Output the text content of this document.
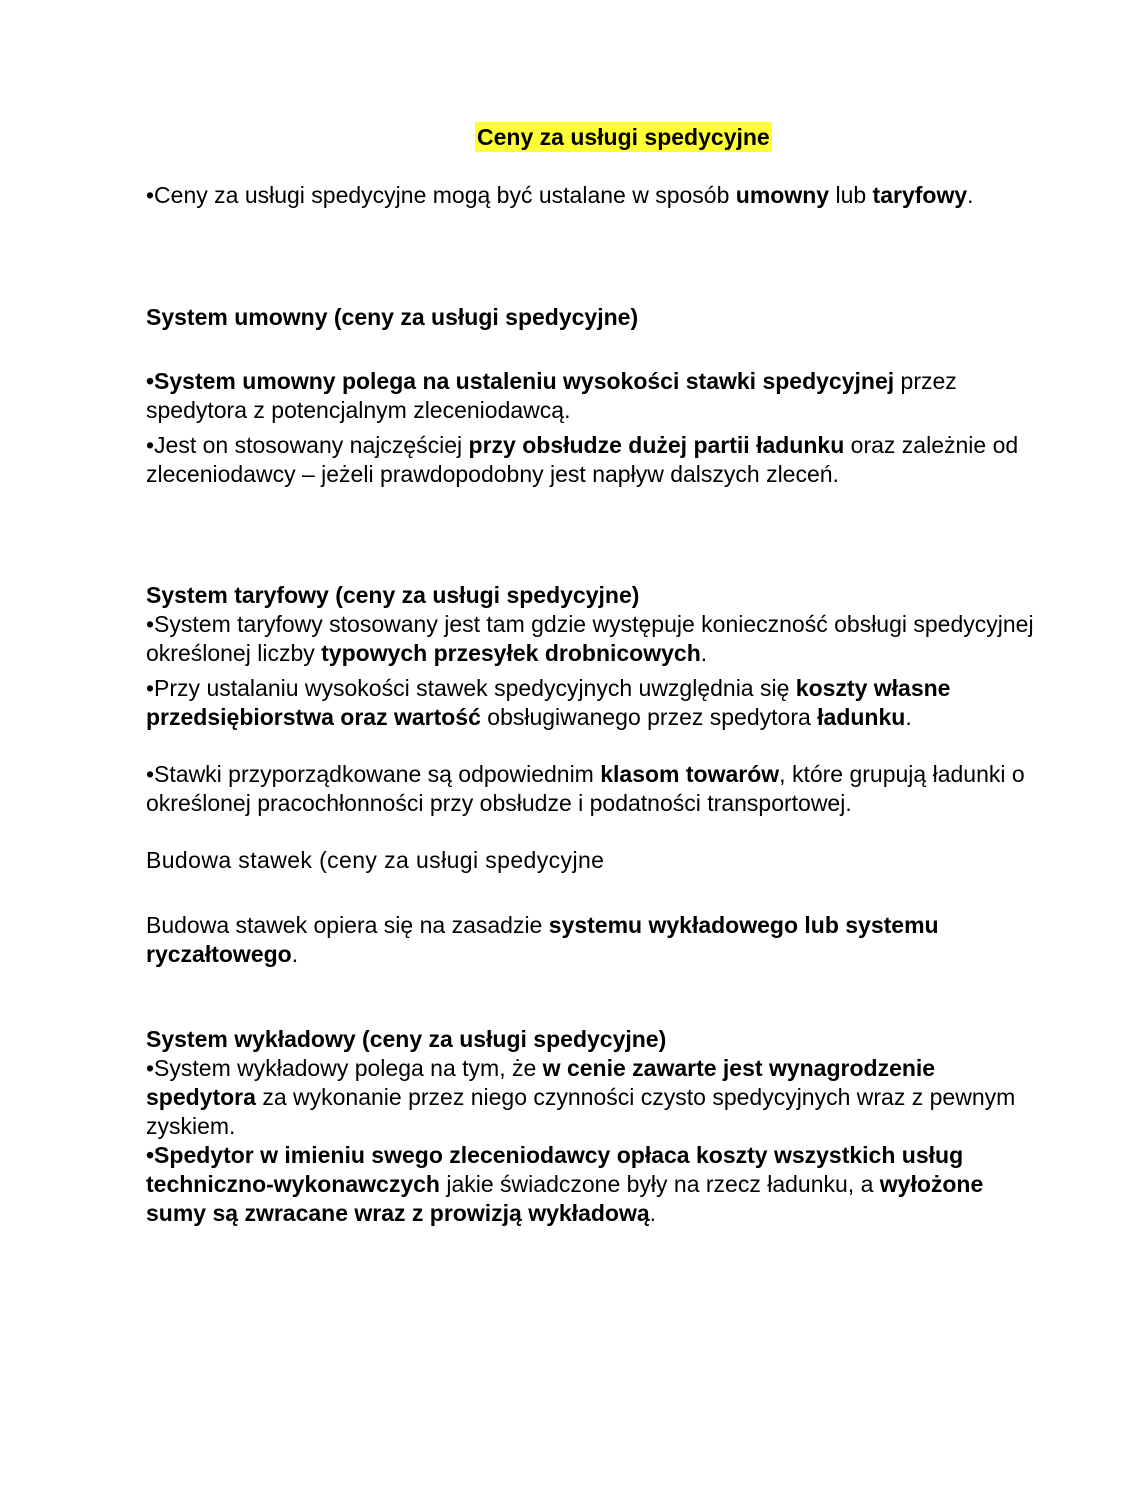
Ceny za usługi spedycyjne

•Ceny za usługi spedycyjne mogą być ustalane w sposób umowny lub taryfowy.

System umowny (ceny za usługi spedycyjne)

•System umowny polega na ustaleniu wysokości stawki spedycyjnej przez
spedytora z potencjalnym zleceniodawcą.

•Jest on stosowany najczęściej przy obsłudze dużej partii ładunku oraz zależnie od
zleceniodawcy – jeżeli prawdopodobny jest napływ dalszych zleceń.

System taryfowy (ceny za usługi spedycyjne)

•System taryfowy stosowany jest tam gdzie występuje konieczność obsługi spedycyjnej
określonej liczby typowych przesyłek drobnicowych.

•Przy ustalaniu wysokości stawek spedycyjnych uwzględnia się koszty własne
przedsiębiorstwa oraz wartość obsługiwanego przez spedytora ładunku.

•Stawki przyporządkowane są odpowiednim klasom towarów, które grupują ładunki o
określonej pracochłonności przy obsłudze i podatności transportowej.

Budowa stawek (ceny za usługi spedycyjne

Budowa stawek opiera się na zasadzie systemu wykładowego lub systemu
ryczałtowego.

System wykładowy (ceny za usługi spedycyjne)

•System wykładowy polega na tym, że w cenie zawarte jest wynagrodzenie
spedytora za wykonanie przez niego czynności czysto spedycyjnych wraz z pewnym
zyskiem.

•Spedytor w imieniu swego zleceniodawcy opłaca koszty wszystkich usług
techniczno-wykonawczych jakie świadczone były na rzecz ładunku, a wyłożone
sumy są zwracane wraz z prowizją wykładową.
